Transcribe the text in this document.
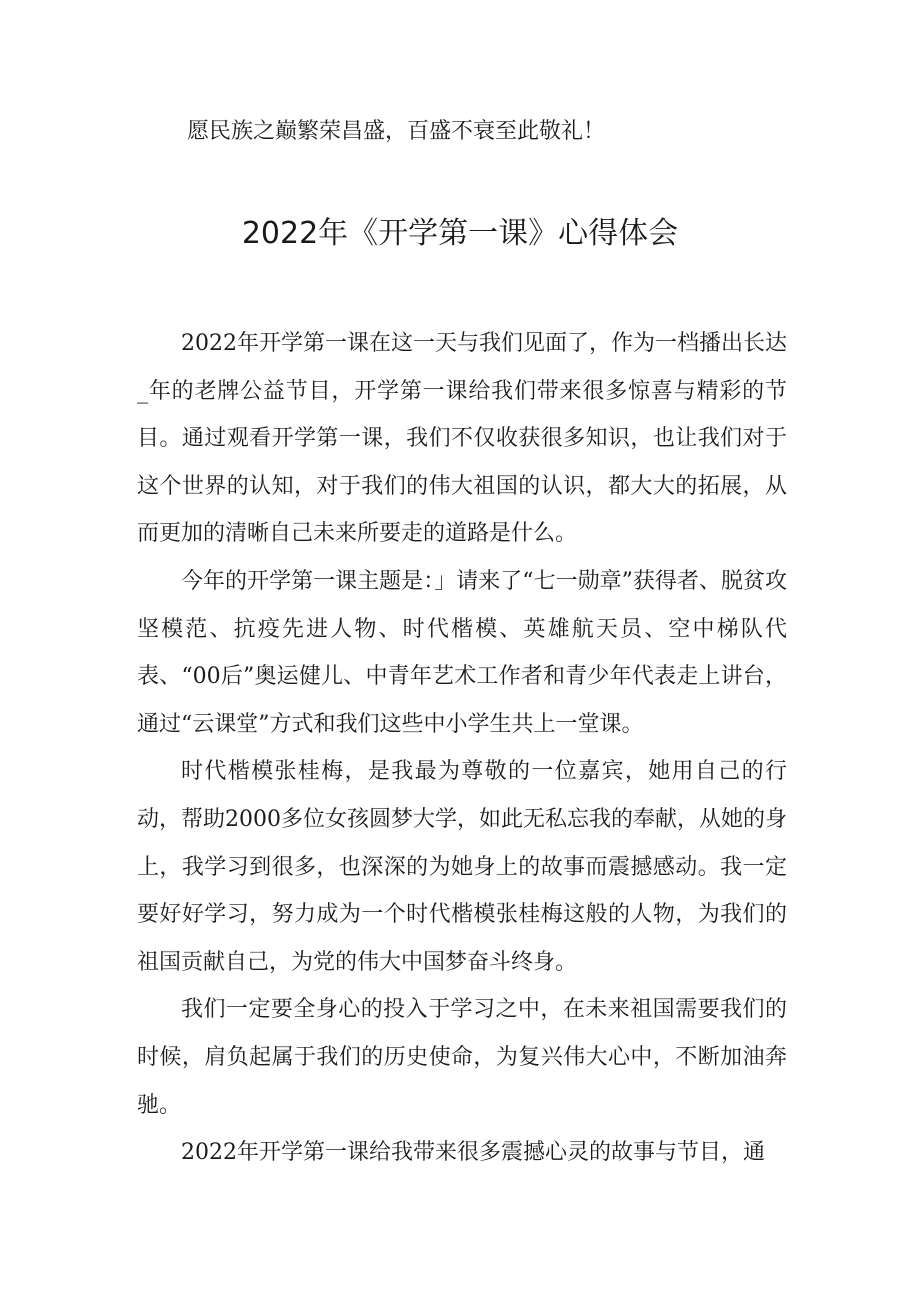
愿民族之巅繁荣昌盛，百盛不衰至此敬礼！
2022年《开学第一课》心得体会

2022年开学第一课在这一天与我们见面了，作为一档播出长达_年的老牌公益节目，开学第一课给我们带来很多惊喜与精彩的节目。通过观看开学第一课，我们不仅收获很多知识，也让我们对于这个世界的认知，对于我们的伟大祖国的认识，都大大的拓展，从而更加的清晰自己未来所要走的道路是什么。

今年的开学第一课主题是：」请来了“七一勋章”获得者、脱贫攻坚模范、抗疫先进人物、时代楷模、英雄航天员、空中梯队代表、“00后”奥运健儿、中青年艺术工作者和青少年代表走上讲台，通过“云课堂”方式和我们这些中小学生共上一堂课。

时代楷模张桂梅，是我最为尊敬的一位嘉宾，她用自己的行动，帮助2000多位女孩圆梦大学，如此无私忘我的奉献，从她的身上，我学习到很多，也深深的为她身上的故事而震撼感动。我一定要好好学习，努力成为一个时代楷模张桂梅这般的人物，为我们的祖国贡献自己，为党的伟大中国梦奋斗终身。

我们一定要全身心的投入于学习之中，在未来祖国需要我们的时候，肩负起属于我们的历史使命，为复兴伟大心中，不断加油奔驰。

2022年开学第一课给我带来很多震撼心灵的故事与节目，通
